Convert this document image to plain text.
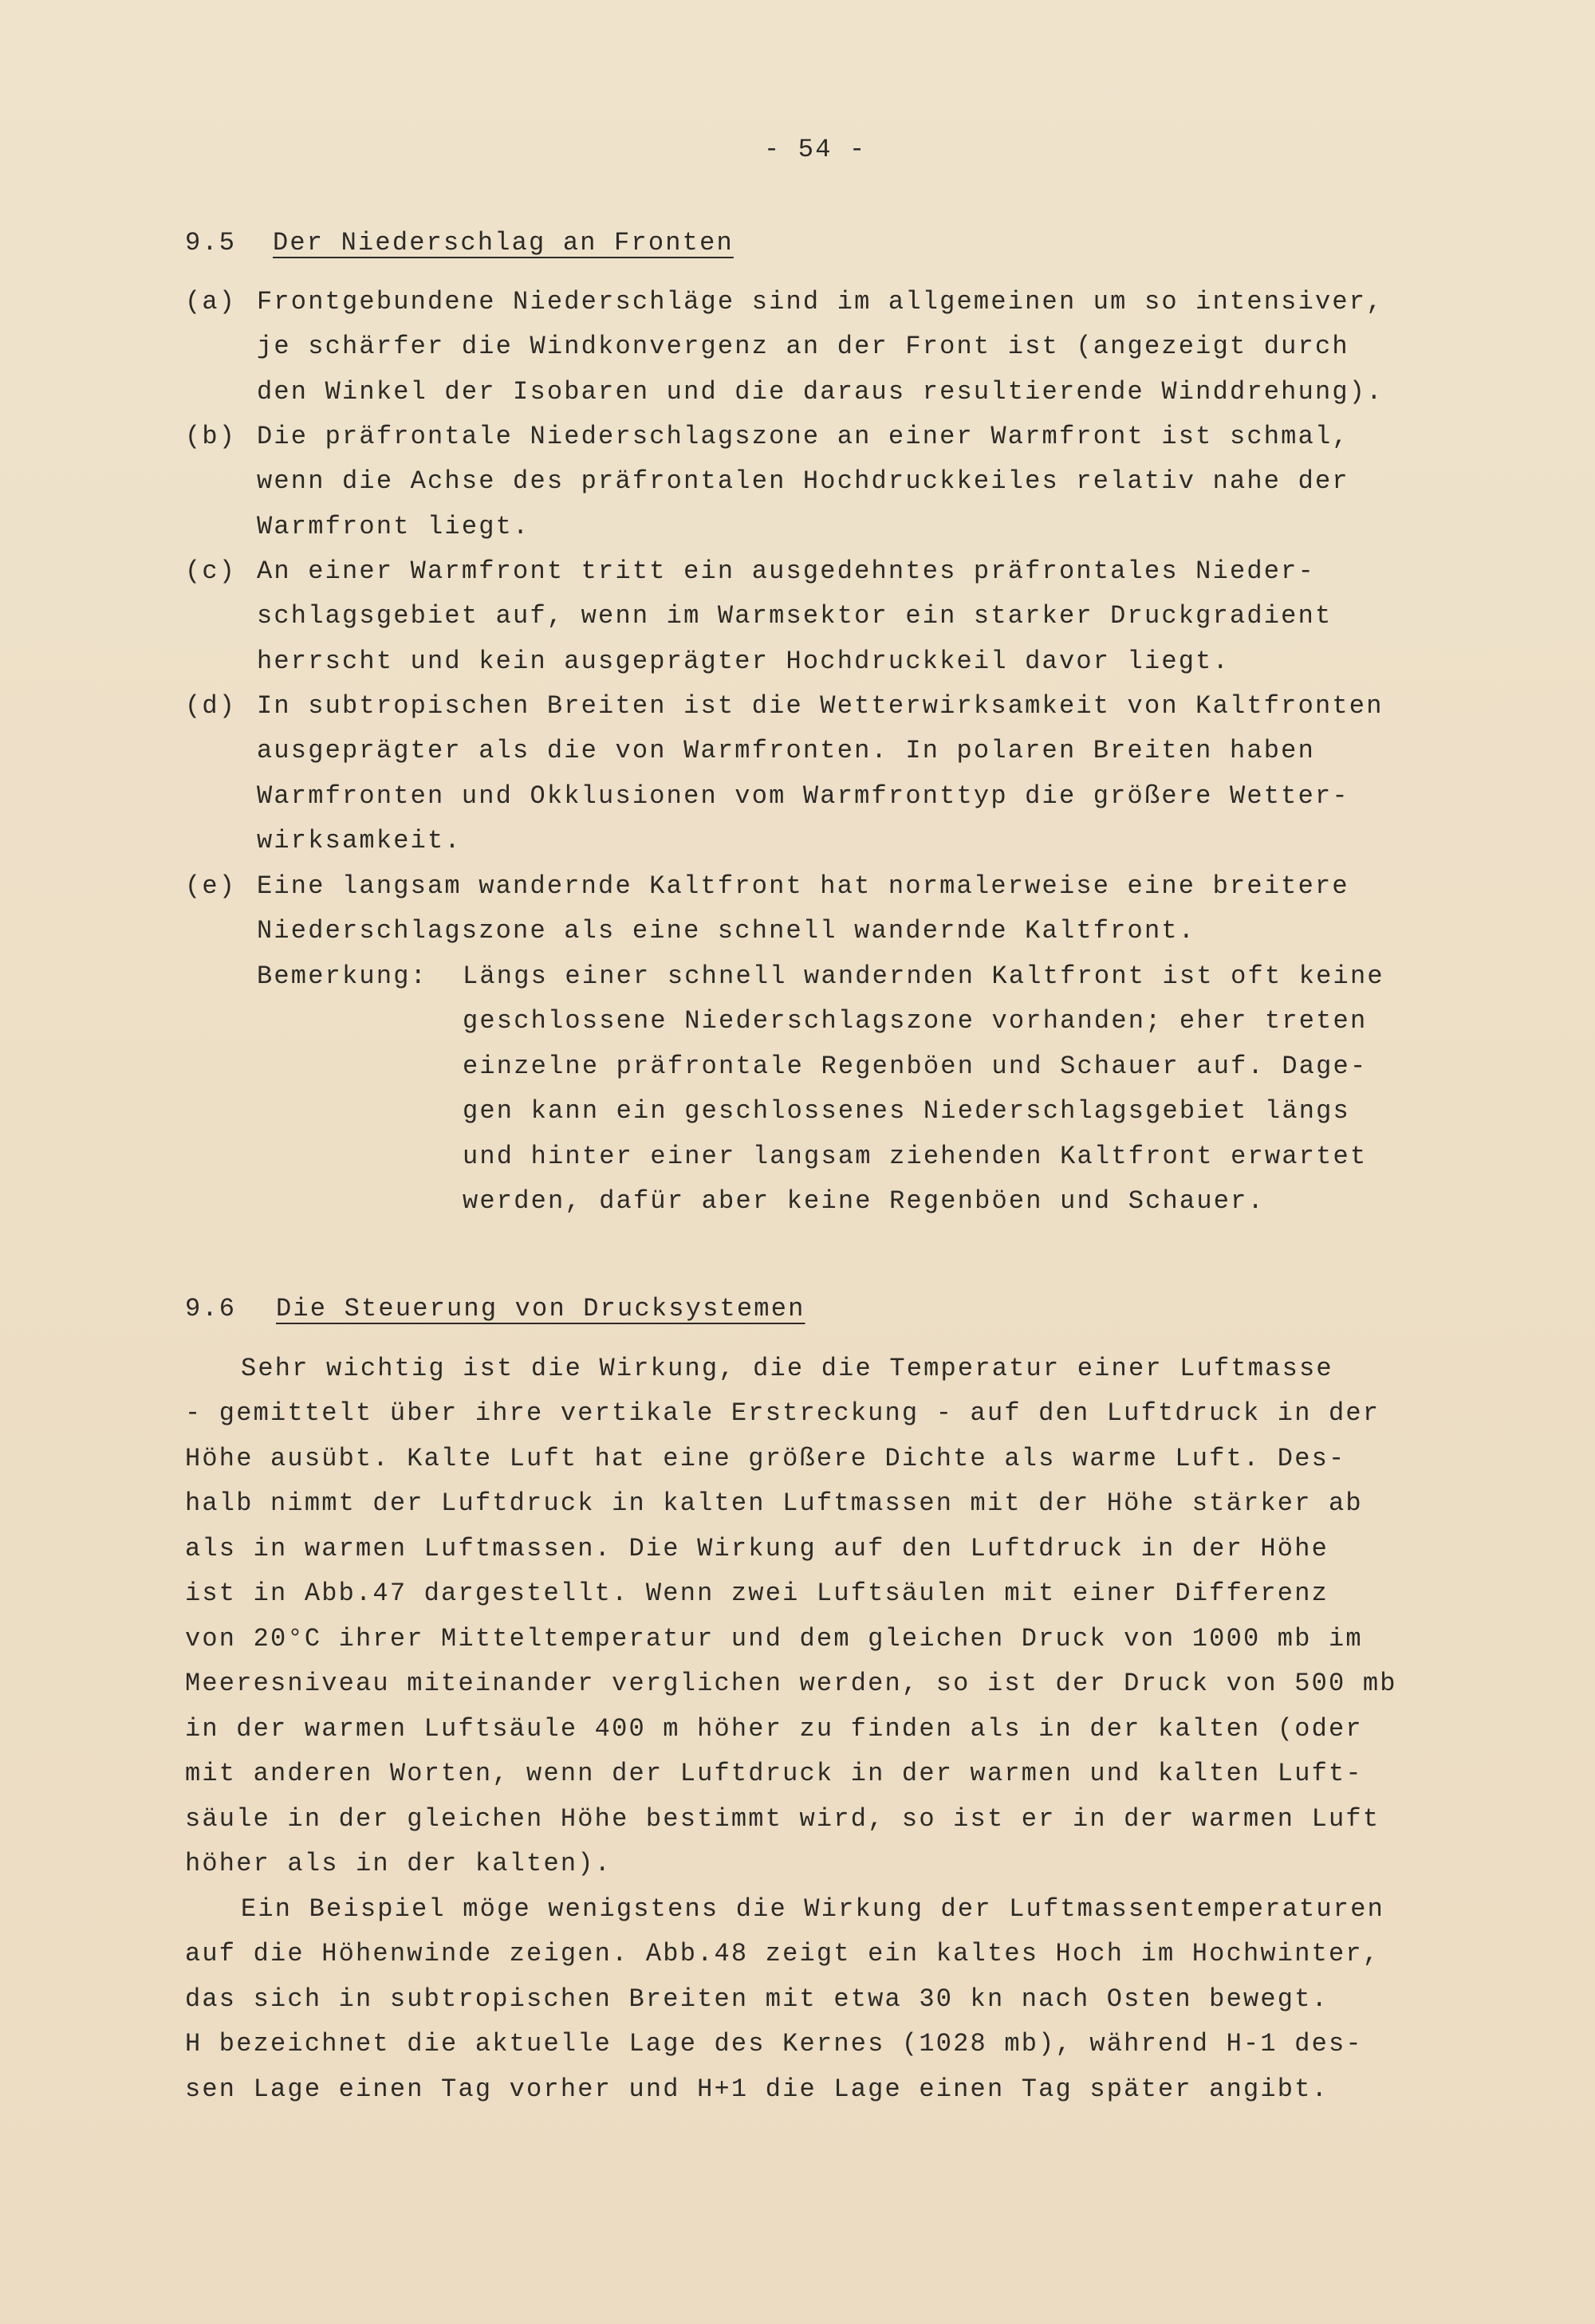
- 54 -
9.5 Der Niederschlag an Fronten
(a) Frontgebundene Niederschläge sind im allgemeinen um so intensiver,
je schärfer die Windkonvergenz an der Front ist (angezeigt durch
den Winkel der Isobaren und die daraus resultierende Winddrehung).
(b) Die präfrontale Niederschlagszone an einer Warmfront ist schmal,
wenn die Achse des präfrontalen Hochdruckkeiles relativ nahe der
Warmfront liegt.
(c) An einer Warmfront tritt ein ausgedehntes präfrontales Nieder-
schlagsgebiet auf, wenn im Warmsektor ein starker Druckgradient
herrscht und kein ausgeprägter Hochdruckkeil davor liegt.
(d) In subtropischen Breiten ist die Wetterwirksamkeit von Kaltfronten
ausgeprägter als die von Warmfronten. In polaren Breiten haben
Warmfronten und Okklusionen vom Warmfronttyp die größere Wetter-
wirksamkeit.
(e) Eine langsam wandernde Kaltfront hat normalerweise eine breitere
Niederschlagszone als eine schnell wandernde Kaltfront.
Bemerkung: Längs einer schnell wandernden Kaltfront ist oft keine
geschlossene Niederschlagszone vorhanden; eher treten
einzelne präfrontale Regenböen und Schauer auf. Dage-
gen kann ein geschlossenes Niederschlagsgebiet längs
und hinter einer langsam ziehenden Kaltfront erwartet
werden, dafür aber keine Regenböen und Schauer.
9.6 Die Steuerung von Drucksystemen
Sehr wichtig ist die Wirkung, die die Temperatur einer Luftmasse
- gemittelt über ihre vertikale Erstreckung - auf den Luftdruck in der
Höhe ausübt. Kalte Luft hat eine größere Dichte als warme Luft. Des-
halb nimmt der Luftdruck in kalten Luftmassen mit der Höhe stärker ab
als in warmen Luftmassen. Die Wirkung auf den Luftdruck in der Höhe
ist in Abb.47 dargestellt. Wenn zwei Luftsäulen mit einer Differenz
von 20°C ihrer Mitteltemperatur und dem gleichen Druck von 1000 mb im
Meeresniveau miteinander verglichen werden, so ist der Druck von 500 mb
in der warmen Luftsäule 400 m höher zu finden als in der kalten (oder
mit anderen Worten, wenn der Luftdruck in der warmen und kalten Luft-
säule in der gleichen Höhe bestimmt wird, so ist er in der warmen Luft
höher als in der kalten).
Ein Beispiel möge wenigstens die Wirkung der Luftmassentemperaturen
auf die Höhenwinde zeigen. Abb.48 zeigt ein kaltes Hoch im Hochwinter,
das sich in subtropischen Breiten mit etwa 30 kn nach Osten bewegt.
H bezeichnet die aktuelle Lage des Kernes (1028 mb), während H-1 des-
sen Lage einen Tag vorher und H+1 die Lage einen Tag später angibt.
